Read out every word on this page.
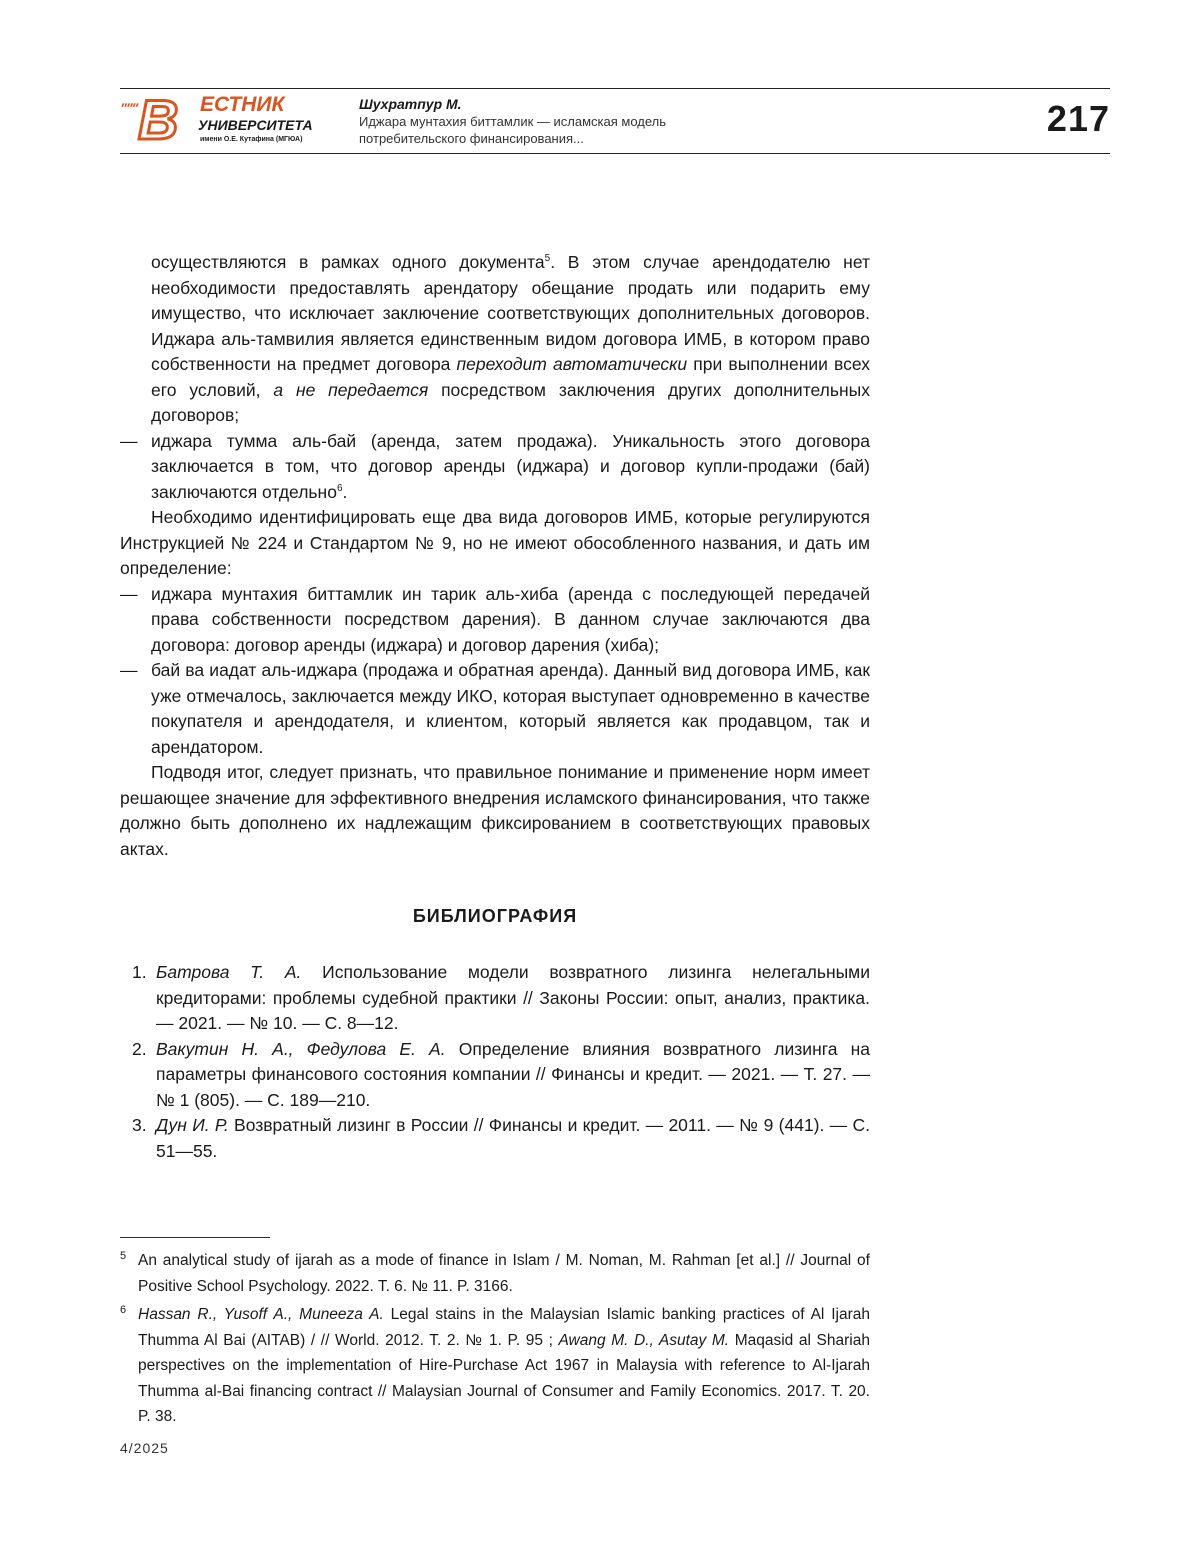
"""
В ЕСТНИК
УНИВЕРСИТЕТА
имени О.Е. Кутафина (МГЮА)
Шухратпур М.
Иджара мунтахия биттамлик — исламская модель
потребительского финансирования...	217

осуществляются в рамках одного документа5. В этом случае арендодателю нет необходимости предоставлять арендатору обещание продать или подарить ему имущество, что исключает заключение соответствующих дополнительных договоров. Иджара аль-тамвилия является единственным видом договора ИМБ, в котором право собственности на предмет договора переходит автоматически при выполнении всех его условий, а не передается посредством заключения других дополнительных договоров;

— иджара тумма аль-бай (аренда, затем продажа). Уникальность этого договора заключается в том, что договор аренды (иджара) и договор купли-продажи (бай) заключаются отдельно6.

Необходимо идентифицировать еще два вида договоров ИМБ, которые регулируются Инструкцией № 224 и Стандартом № 9, но не имеют обособленного названия, и дать им определение:

— иджара мунтахия биттамлик ин тарик аль-хиба (аренда с последующей передачей права собственности посредством дарения). В данном случае заключаются два договора: договор аренды (иджара) и договор дарения (хиба);

— бай ва иадат аль-иджара (продажа и обратная аренда). Данный вид договора ИМБ, как уже отмечалось, заключается между ИКО, которая выступает одновременно в качестве покупателя и арендодателя, и клиентом, который является как продавцом, так и арендатором.

Подводя итог, следует признать, что правильное понимание и применение норм имеет решающее значение для эффективного внедрения исламского финансирования, что также должно быть дополнено их надлежащим фиксированием в соответствующих правовых актах.

БИБЛИОГРАФИЯ

1. Батрова Т. А. Использование модели возвратного лизинга нелегальными кредиторами: проблемы судебной практики // Законы России: опыт, анализ, практика. — 2021. — № 10. — С. 8—12.

2. Вакутин Н. А., Федулова Е. А. Определение влияния возвратного лизинга на параметры финансового состояния компании // Финансы и кредит. — 2021. — Т. 27. — № 1 (805). — С. 189—210.

3. Дун И. Р. Возвратный лизинг в России // Финансы и кредит. — 2011. — № 9 (441). — С. 51—55.

5 An analytical study of ijarah as a mode of finance in Islam / M. Noman, M. Rahman [et al.] // Journal of Positive School Psychology. 2022. T. 6. № 11. P. 3166.

6 Hassan R., Yusoff A., Muneeza A. Legal stains in the Malaysian Islamic banking practices of Al Ijarah Thumma Al Bai (AITAB) / // World. 2012. T. 2. № 1. P. 95 ; Awang M. D., Asutay M. Maqasid al Shariah perspectives on the implementation of Hire-Purchase Act 1967 in Malaysia with reference to Al-Ijarah Thumma al-Bai financing contract // Malaysian Journal of Consumer and Family Economics. 2017. T. 20. P. 38.

4/2025
